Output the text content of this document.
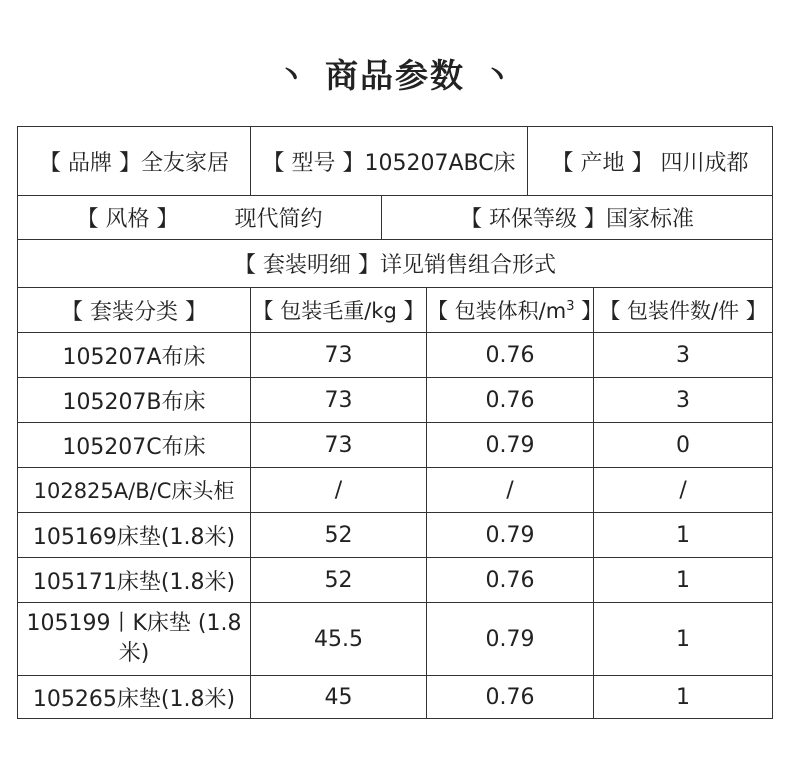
丶 商品参数 丶
【 品牌 】全友家居	【 型号 】105207ABC床			【 产地 】 四川成都	
【 风格 】 现代简约		【 环保等级 】国家标准			
【 套装明细 】详见销售组合形式					
【 套装分类 】	【 包装毛重/kg 】		【 包装体积$/m^3$ 】		【 包装件数/件 】
105207A布床	73		0.76		3
105207B布床	73		0.76		3
105207C布床	73		0.79		0
102825A/B/C床头柜	/		/		/
105169床垫(1.8米)	52		0.79		1
105171床垫(1.8米)	52		0.76		1
105199丨K床垫 (1.8米)	45.5		0.79		1
105265床垫(1.8米)	45		0.76		1
